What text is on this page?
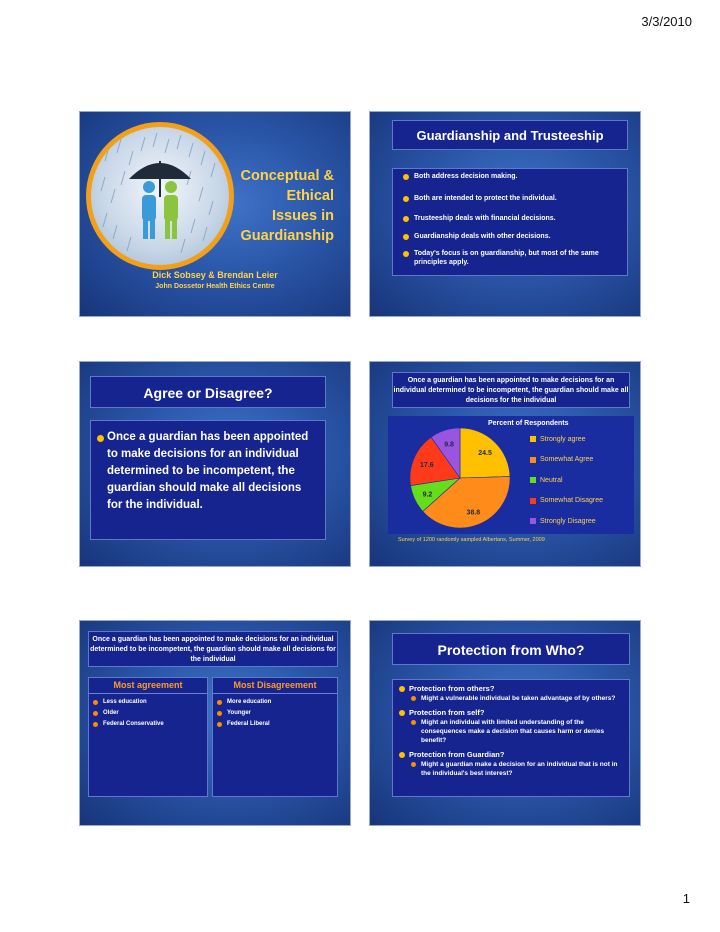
3/3/2010
Conceptual &
Ethical
Issues in
Guardianship
Dick Sobsey & Brendan Leier
John Dossetor Health Ethics Centre
Guardianship and Trusteeship
Both address decision making.
Both are intended to protect the individual.
Trusteeship deals with financial decisions.
Guardianship deals with other decisions.
Today's focus is on guardianship, but most of the same principles apply.
Agree or Disagree?
Once a guardian has been appointed to make decisions for an individual determined to be incompetent, the guardian should make all decisions for the individual.
Once a guardian has been appointed to make decisions for an individual determined to be incompetent, the guardian should make all decisions for the individual
24.5
38.8
9.2
17.6
9.8
Percent of Respondents
Strongly agree
Somewhat Agree
Neutral
Somewhat Disagree
Strongly Disagree
Survey of 1200 randomly sampled Albertans, Summer, 2009
Once a guardian has been appointed to make decisions for an individual determined to be incompetent, the guardian should make all decisions for the individual
Most agreement
Less education
Older
Federal Conservative
Most Disagreement
More education
Younger
Federal Liberal
Protection from Who?
Protection from others?
Might a vulnerable individual be taken advantage of by others?
Protection from self?
Might an individual with limited understanding of the consequences make a decision that causes harm or denies benefit?
Protection from Guardian?
Might a guardian make a decision for an individual that is not in the individual's best interest?
1
